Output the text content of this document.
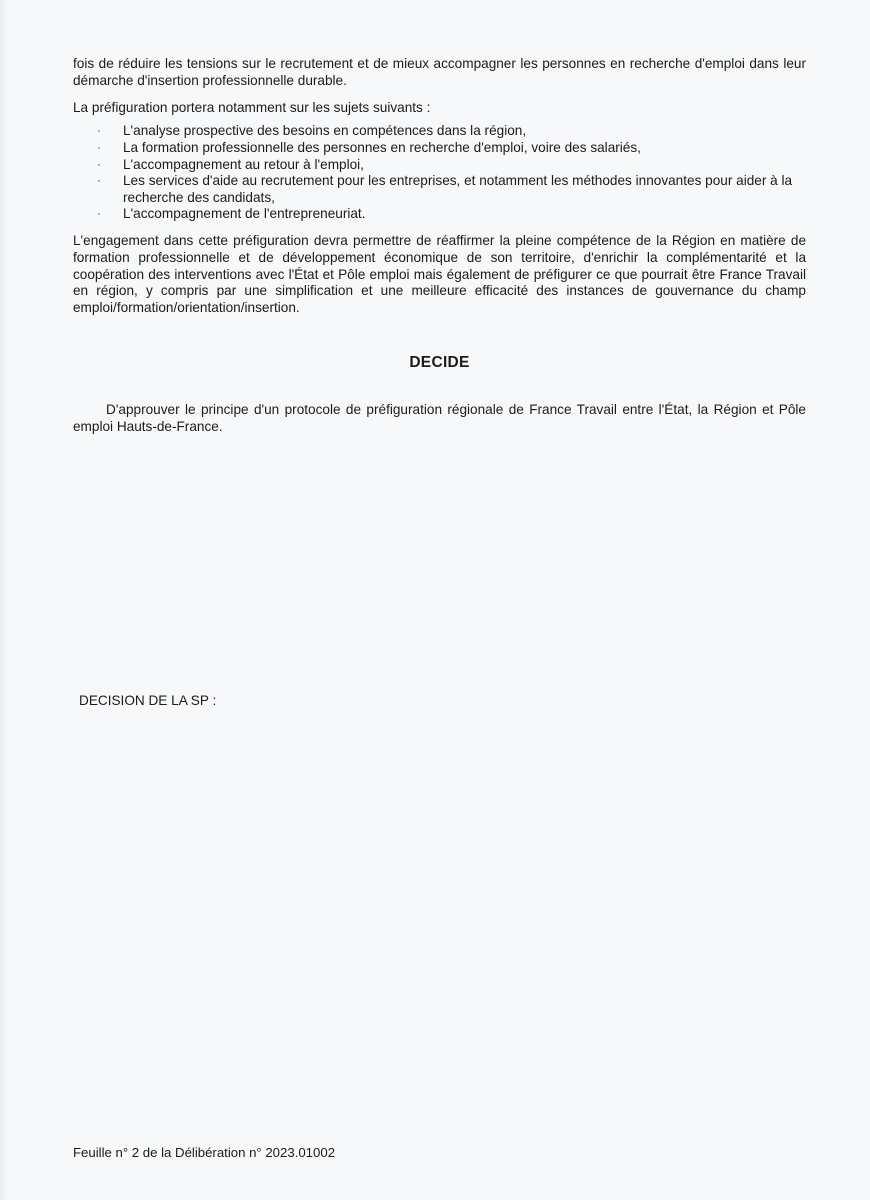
fois de réduire les tensions sur le recrutement et de mieux accompagner les personnes en recherche d'emploi dans leur démarche d'insertion professionnelle durable.

La préfiguration portera notamment sur les sujets suivants :

· L'analyse prospective des besoins en compétences dans la région,
· La formation professionnelle des personnes en recherche d'emploi, voire des salariés,
· L'accompagnement au retour à l'emploi,
· Les services d'aide au recrutement pour les entreprises, et notamment les méthodes innovantes pour aider à la recherche des candidats,
· L'accompagnement de l'entrepreneuriat.

L'engagement dans cette préfiguration devra permettre de réaffirmer la pleine compétence de la Région en matière de formation professionnelle et de développement économique de son territoire, d'enrichir la complémentarité et la coopération des interventions avec l'État et Pôle emploi mais également de préfigurer ce que pourrait être France Travail en région, y compris par une simplification et une meilleure efficacité des instances de gouvernance du champ emploi/formation/orientation/insertion.

DECIDE

D'approuver le principe d'un protocole de préfiguration régionale de France Travail entre l'État, la Région et Pôle emploi Hauts-de-France.

DECISION DE LA SP :
Feuille n° 2 de la Délibération n° 2023.01002
